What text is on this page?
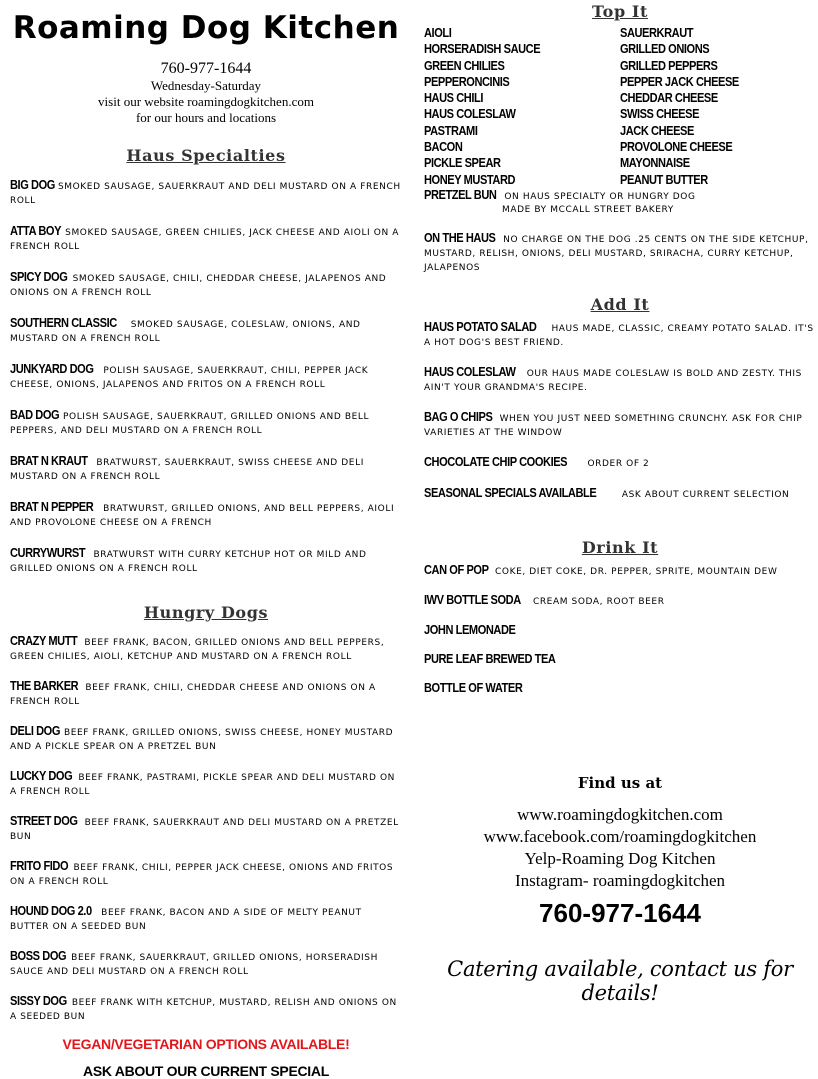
Roaming Dog Kitchen
760-977-1644
Wednesday-Saturday
visit our website roamingdogkitchen.com
for our hours and locations
Haus Specialties
BIG DOG SMOKED SAUSAGE, SAUERKRAUT AND DELI MUSTARD ON A FRENCH ROLL
ATTA BOY SMOKED SAUSAGE, GREEN CHILIES, JACK CHEESE AND AIOLI ON A FRENCH ROLL
SPICY DOG SMOKED SAUSAGE, CHILI, CHEDDAR CHEESE, JALAPENOS AND ONIONS ON A FRENCH ROLL
SOUTHERN CLASSIC SMOKED SAUSAGE, COLESLAW, ONIONS, AND MUSTARD ON A FRENCH ROLL
JUNKYARD DOG POLISH SAUSAGE, SAUERKRAUT, CHILI, PEPPER JACK CHEESE, ONIONS, JALAPENOS AND FRITOS ON A FRENCH ROLL
BAD DOG POLISH SAUSAGE, SAUERKRAUT, GRILLED ONIONS AND BELL PEPPERS, AND DELI MUSTARD ON A FRENCH ROLL
BRAT N KRAUT BRATWURST, SAUERKRAUT, SWISS CHEESE AND DELI MUSTARD ON A FRENCH ROLL
BRAT N PEPPER BRATWURST, GRILLED ONIONS, AND BELL PEPPERS, AIOLI AND PROVOLONE CHEESE ON A FRENCH
CURRYWURST BRATWURST WITH CURRY KETCHUP HOT OR MILD AND GRILLED ONIONS ON A FRENCH ROLL
Hungry Dogs
CRAZY MUTT BEEF FRANK, BACON, GRILLED ONIONS AND BELL PEPPERS, GREEN CHILIES, AIOLI, KETCHUP AND MUSTARD ON A FRENCH ROLL
THE BARKER BEEF FRANK, CHILI, CHEDDAR CHEESE AND ONIONS ON A FRENCH ROLL
DELI DOG BEEF FRANK, GRILLED ONIONS, SWISS CHEESE, HONEY MUSTARD AND A PICKLE SPEAR ON A PRETZEL BUN
LUCKY DOG BEEF FRANK, PASTRAMI, PICKLE SPEAR AND DELI MUSTARD ON A FRENCH ROLL
STREET DOG BEEF FRANK, SAUERKRAUT AND DELI MUSTARD ON A PRETZEL BUN
FRITO FIDO BEEF FRANK, CHILI, PEPPER JACK CHEESE, ONIONS AND FRITOS ON A FRENCH ROLL
HOUND DOG 2.0 BEEF FRANK, BACON AND A SIDE OF MELTY PEANUT BUTTER ON A SEEDED BUN
BOSS DOG BEEF FRANK, SAUERKRAUT, GRILLED ONIONS, HORSERADISH SAUCE AND DELI MUSTARD ON A FRENCH ROLL
SISSY DOG BEEF FRANK WITH KETCHUP, MUSTARD, RELISH AND ONIONS ON A SEEDED BUN
VEGAN/VEGETARIAN OPTIONS AVAILABLE!
ASK ABOUT OUR CURRENT SPECIAL
Top It
AIOLI
HORSERADISH SAUCE
GREEN CHILIES
PEPPERONCINIS
HAUS CHILI
HAUS COLESLAW
PASTRAMI
BACON
PICKLE SPEAR
HONEY MUSTARD
SAUERKRAUT
GRILLED ONIONS
GRILLED PEPPERS
PEPPER JACK CHEESE
CHEDDAR CHEESE
SWISS CHEESE
JACK CHEESE
PROVOLONE CHEESE
MAYONNAISE
PEANUT BUTTER
PRETZEL BUN ON HAUS SPECIALTY OR HUNGRY DOG
MADE BY MCCALL STREET BAKERY
ON THE HAUS NO CHARGE ON THE DOG .25 CENTS ON THE SIDE KETCHUP, MUSTARD, RELISH, ONIONS, DELI MUSTARD, SRIRACHA, CURRY KETCHUP, JALAPENOS
Add It
HAUS POTATO SALAD HAUS MADE, CLASSIC, CREAMY POTATO SALAD. IT'S A HOT DOG'S BEST FRIEND.
HAUS COLESLAW OUR HAUS MADE COLESLAW IS BOLD AND ZESTY. THIS AIN'T YOUR GRANDMA'S RECIPE.
BAG O CHIPS WHEN YOU JUST NEED SOMETHING CRUNCHY. ASK FOR CHIP VARIETIES AT THE WINDOW
CHOCOLATE CHIP COOKIES ORDER OF 2
SEASONAL SPECIALS AVAILABLE	ASK ABOUT CURRENT SELECTION
Drink It
CAN OF POP COKE, DIET COKE, DR. PEPPER, SPRITE, MOUNTAIN DEW
IWV BOTTLE SODA CREAM SODA, ROOT BEER
JOHN LEMONADE
PURE LEAF BREWED TEA
BOTTLE OF WATER
Find us at
www.roamingdogkitchen.com
www.facebook.com/roamingdogkitchen
Yelp-Roaming Dog Kitchen
Instagram- roamingdogkitchen
760-977-1644
Catering available, contact us for details!
